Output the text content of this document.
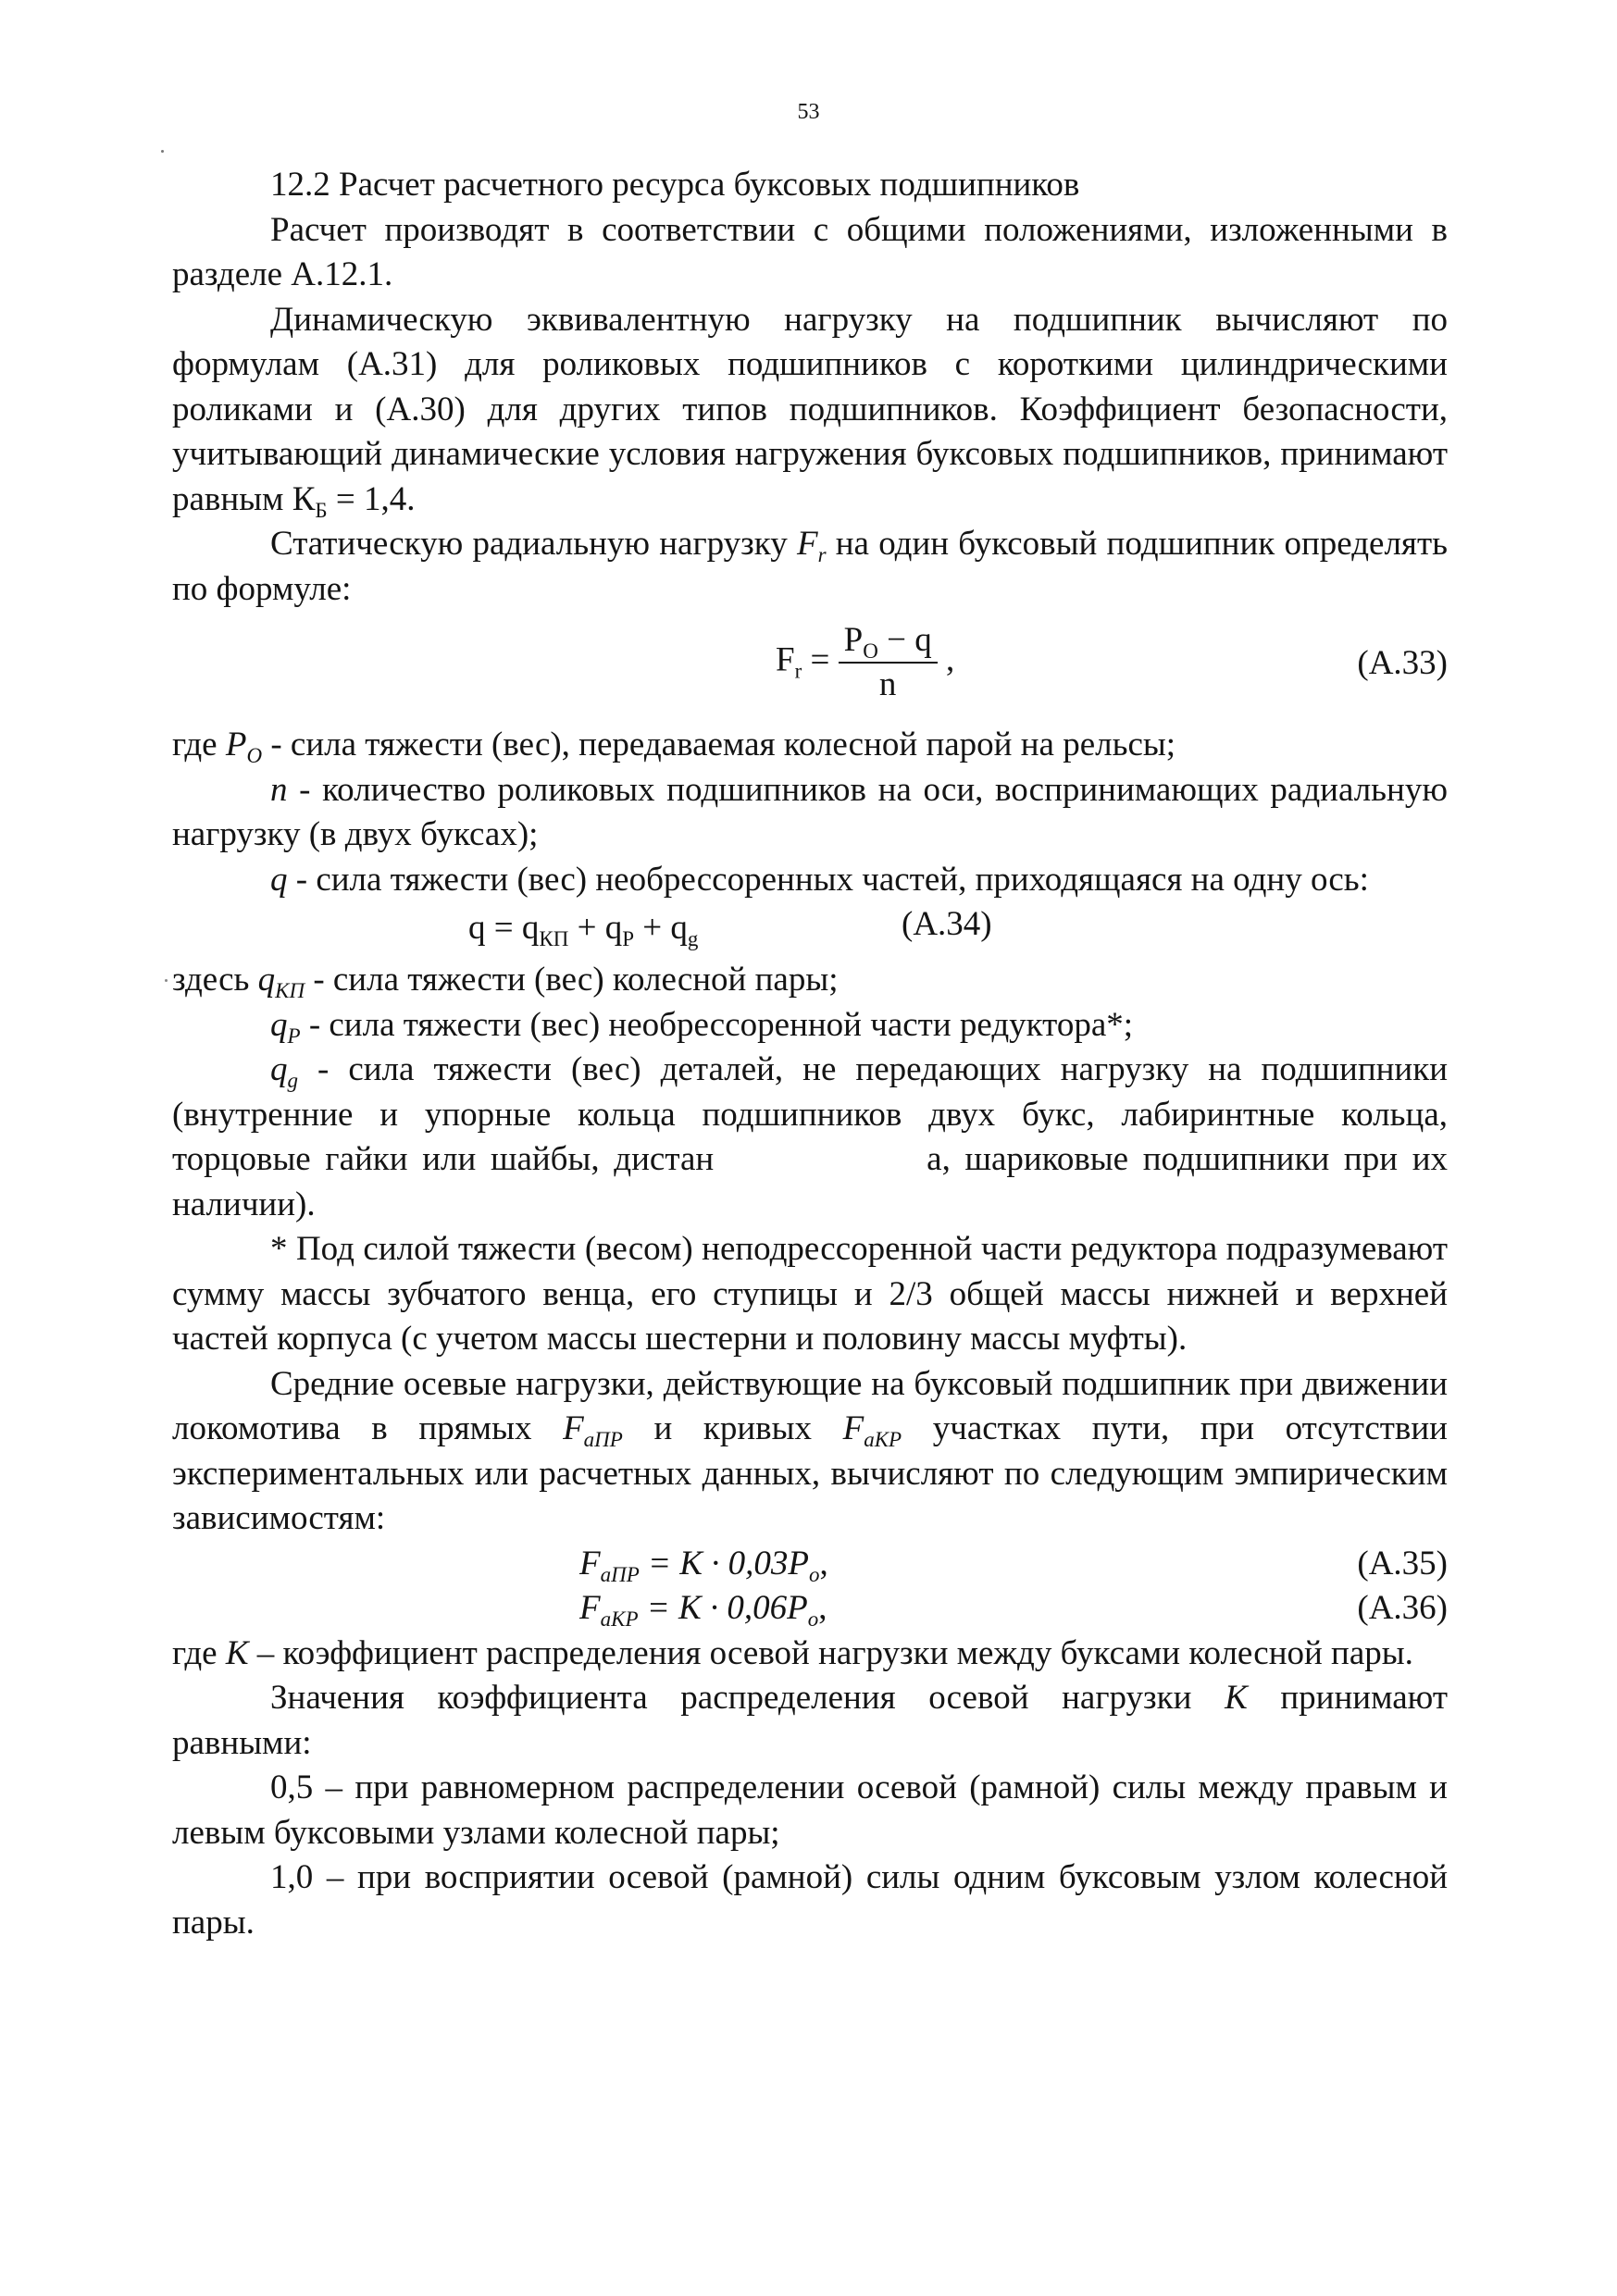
53

12.2 Расчет расчетного ресурса буксовых подшипников

Расчет производят в соответствии с общими положениями, изложенными в разделе А.12.1.

Динамическую эквивалентную нагрузку на подшипник вычисляют по формулам (А.31) для роликовых подшипников с короткими цилиндрическими роликами и (А.30) для других типов подшипников. Коэффициент безопасности, учитывающий динамические условия нагружения буксовых подшипников, принимают равным $К_Б = 1,4$.

Статическую радиальную нагрузку $F_r$ на один буксовый подшипник определять по формуле:

$F_r = \frac{P_O - q}{n}$ ,	(А.33)

где $P_O$ - сила тяжести (вес), передаваемая колесной парой на рельсы;

n - количество роликовых подшипников на оси, воспринимающих радиальную нагрузку (в двух буксах);

q - сила тяжести (вес) необрессоренных частей, приходящаяся на одну ось:

$q = q_{КП} + q_P + q_g$	(А.34)

здесь $q_{КП}$ - сила тяжести (вес) колесной пары;

$q_P$ - сила тяжести (вес) необрессоренной части редуктора*;

$q_g$ - сила тяжести (вес) деталей, не передающих нагрузку на подшипники (внутренние и упорные кольца подшипников двух букс, лабиринтные кольца, торцовые гайки или шайбы, дистан	а, шариковые подшипники при их наличии).

* Под силой тяжести (весом) неподрессоренной части редуктора подразумевают сумму массы зубчатого венца, его ступицы и 2/3 общей массы нижней и верхней частей корпуса (с учетом массы шестерни и половину массы муфты).

Средние осевые нагрузки, действующие на буксовый подшипник при движении локомотива в прямых $F_{aПР}$ и кривых $F_{aKP}$ участках пути, при отсутствии экспериментальных или расчетных данных, вычисляют по следующим эмпирическим зависимостям:

$F_{aПР} = K \cdot 0,03P_o$,	(А.35)
$F_{aKP} = K \cdot 0,06P_o$,	(А.36)

где K – коэффициент распределения осевой нагрузки между буксами колесной пары.

Значения коэффициента распределения осевой нагрузки K принимают равными:

0,5 – при равномерном распределении осевой (рамной) силы между правым и левым буксовыми узлами колесной пары;

1,0 – при восприятии осевой (рамной) силы одним буксовым узлом колесной пары.
